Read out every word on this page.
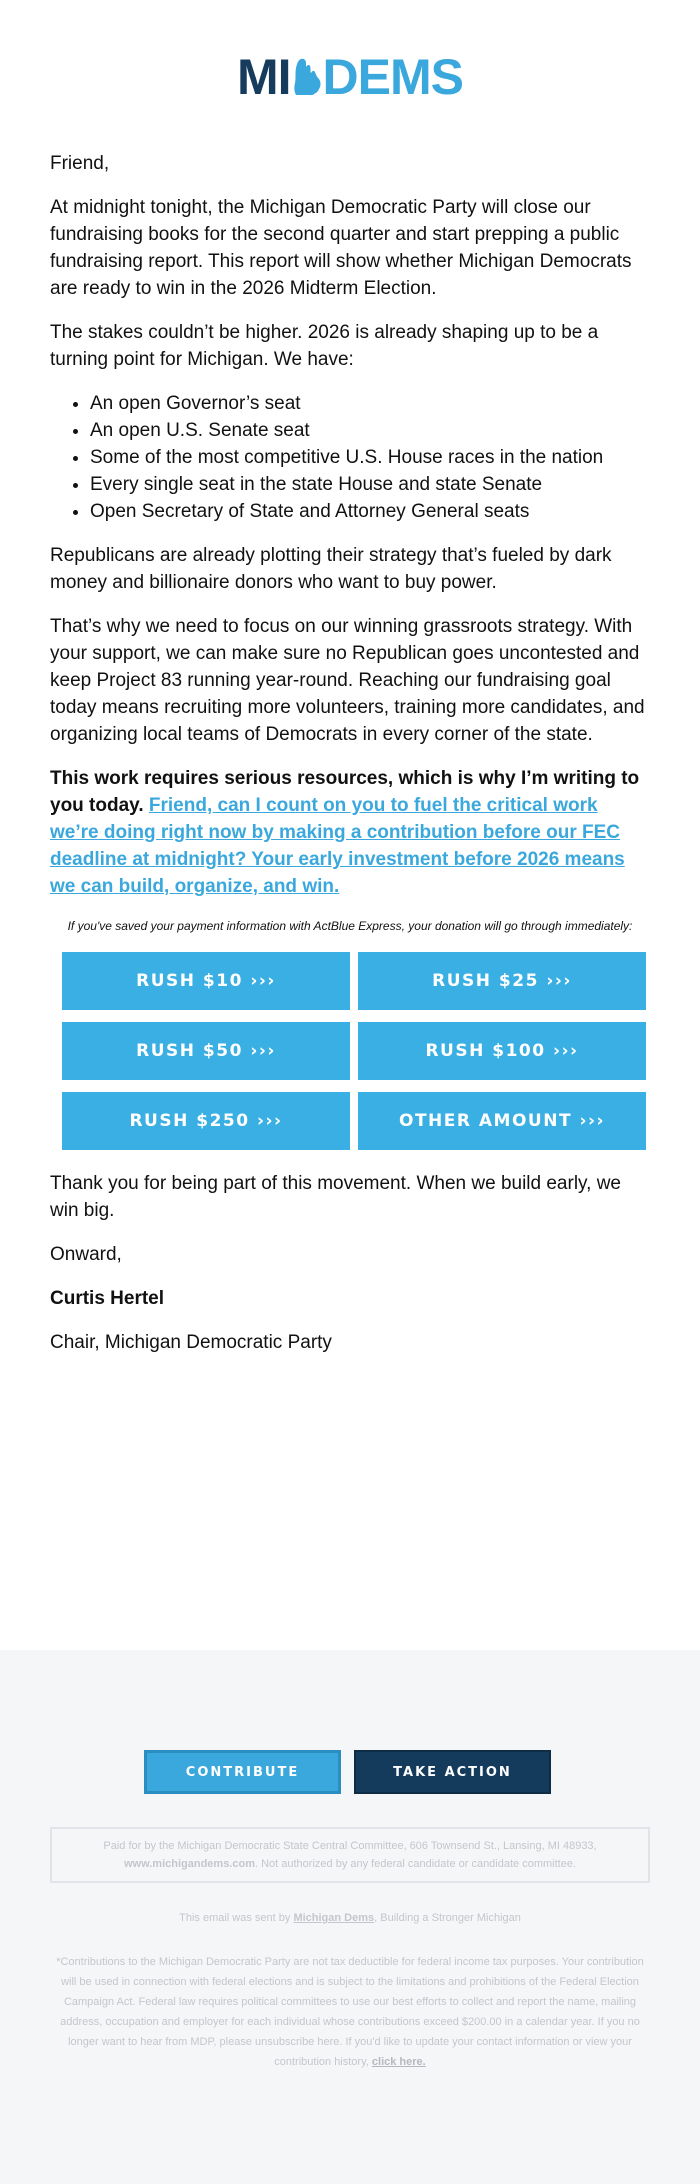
MI DEMS

Friend,

At midnight tonight, the Michigan Democratic Party will close our fundraising books for the second quarter and start prepping a public fundraising report. This report will show whether Michigan Democrats are ready to win in the 2026 Midterm Election.

The stakes couldn’t be higher. 2026 is already shaping up to be a turning point for Michigan. We have:

• An open Governor’s seat
• An open U.S. Senate seat
• Some of the most competitive U.S. House races in the nation
• Every single seat in the state House and state Senate
• Open Secretary of State and Attorney General seats

Republicans are already plotting their strategy that’s fueled by dark money and billionaire donors who want to buy power.

That’s why we need to focus on our winning grassroots strategy. With your support, we can make sure no Republican goes uncontested and keep Project 83 running year-round. Reaching our fundraising goal today means recruiting more volunteers, training more candidates, and organizing local teams of Democrats in every corner of the state.

This work requires serious resources, which is why I’m writing to you today. Friend, can I count on you to fuel the critical work we’re doing right now by making a contribution before our FEC deadline at midnight? Your early investment before 2026 means we can build, organize, and win.

If you've saved your payment information with ActBlue Express, your donation will go through immediately:

RUSH $10 ›››	RUSH $25 ›››
RUSH $50 ›››	RUSH $100 ›››
RUSH $250 ›››	OTHER AMOUNT ›››

Thank you for being part of this movement. When we build early, we win big.

Onward,

Curtis Hertel

Chair, Michigan Democratic Party

CONTRIBUTE	TAKE ACTION
Paid for by the Michigan Democratic State Central Committee, 606 Townsend St., Lansing, MI 48933, www.michigandems.com. Not authorized by any federal candidate or candidate committee.
This email was sent by Michigan Dems, Building a Stronger Michigan
*Contributions to the Michigan Democratic Party are not tax deductible for federal income tax purposes. Your contribution will be used in connection with federal elections and is subject to the limitations and prohibitions of the Federal Election Campaign Act. Federal law requires political committees to use our best efforts to collect and report the name, mailing address, occupation and employer for each individual whose contributions exceed $200.00 in a calendar year. If you no longer want to hear from MDP, please unsubscribe here. If you'd like to update your contact information or view your contribution history, click here.
